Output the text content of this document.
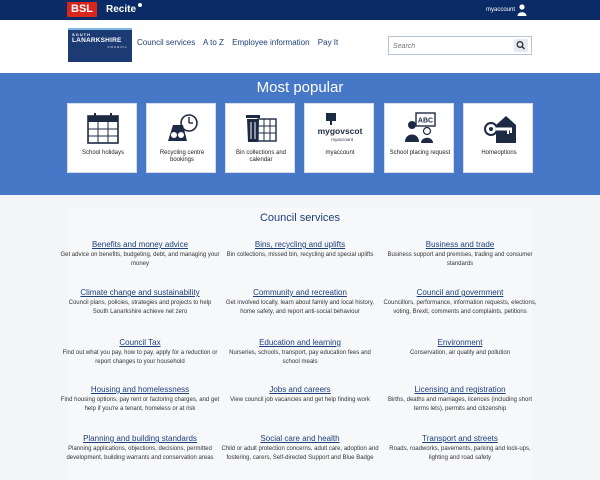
BSL	Recite	myaccount
SOUTH
LANARKSHIRE
COUNCIL Council services A to Z Employee information Pay It
Search
Most popular
School holidays	Recycling centre bookings
Bin collections and calendar
mygovscot
myaccount
myaccount
ABC
School placing request	Homeoptions
Council services
Benefits and money advice
Get advice on benefits, budgeting, debt, and managing your money
Bins, recycling and uplifts
Bin collections, missed bin, recycling and special uplifts
Business and trade
Business support and premises, trading and consumer standards
Climate change and sustainability
Council plans, policies, strategies and projects to help South Lanarkshire achieve net zero
Community and recreation
Get involved locally, learn about family and local history, home safety, and report anti-social behaviour
Council and government
Councillors, performance, information requests, elections, voting, Brexit, comments and complaints, petitions
Council Tax
Find out what you pay, how to pay, apply for a reduction or report changes to your household
Education and learning
Nurseries, schools, transport, pay education fees and school meals
Environment
Conservation, air quality and pollution
Housing and homelessness
Find housing options, pay rent or factoring charges, and get help if you're a tenant, homeless or at risk
Jobs and careers
View council job vacancies and get help finding work
Licensing and registration
Births, deaths and marriages, licences (including short terms lets), permits and citizenship
Planning and building standards
Planning applications, objections, decisions, permitted development, building warrants and conservation areas
Social care and health
Child or adult protection concerns, adult care, adoption and fostering, carers, Self-directed Support and Blue Badge
Transport and streets
Roads, roadworks, pavements, parking and lock-ups, lighting and road safety
